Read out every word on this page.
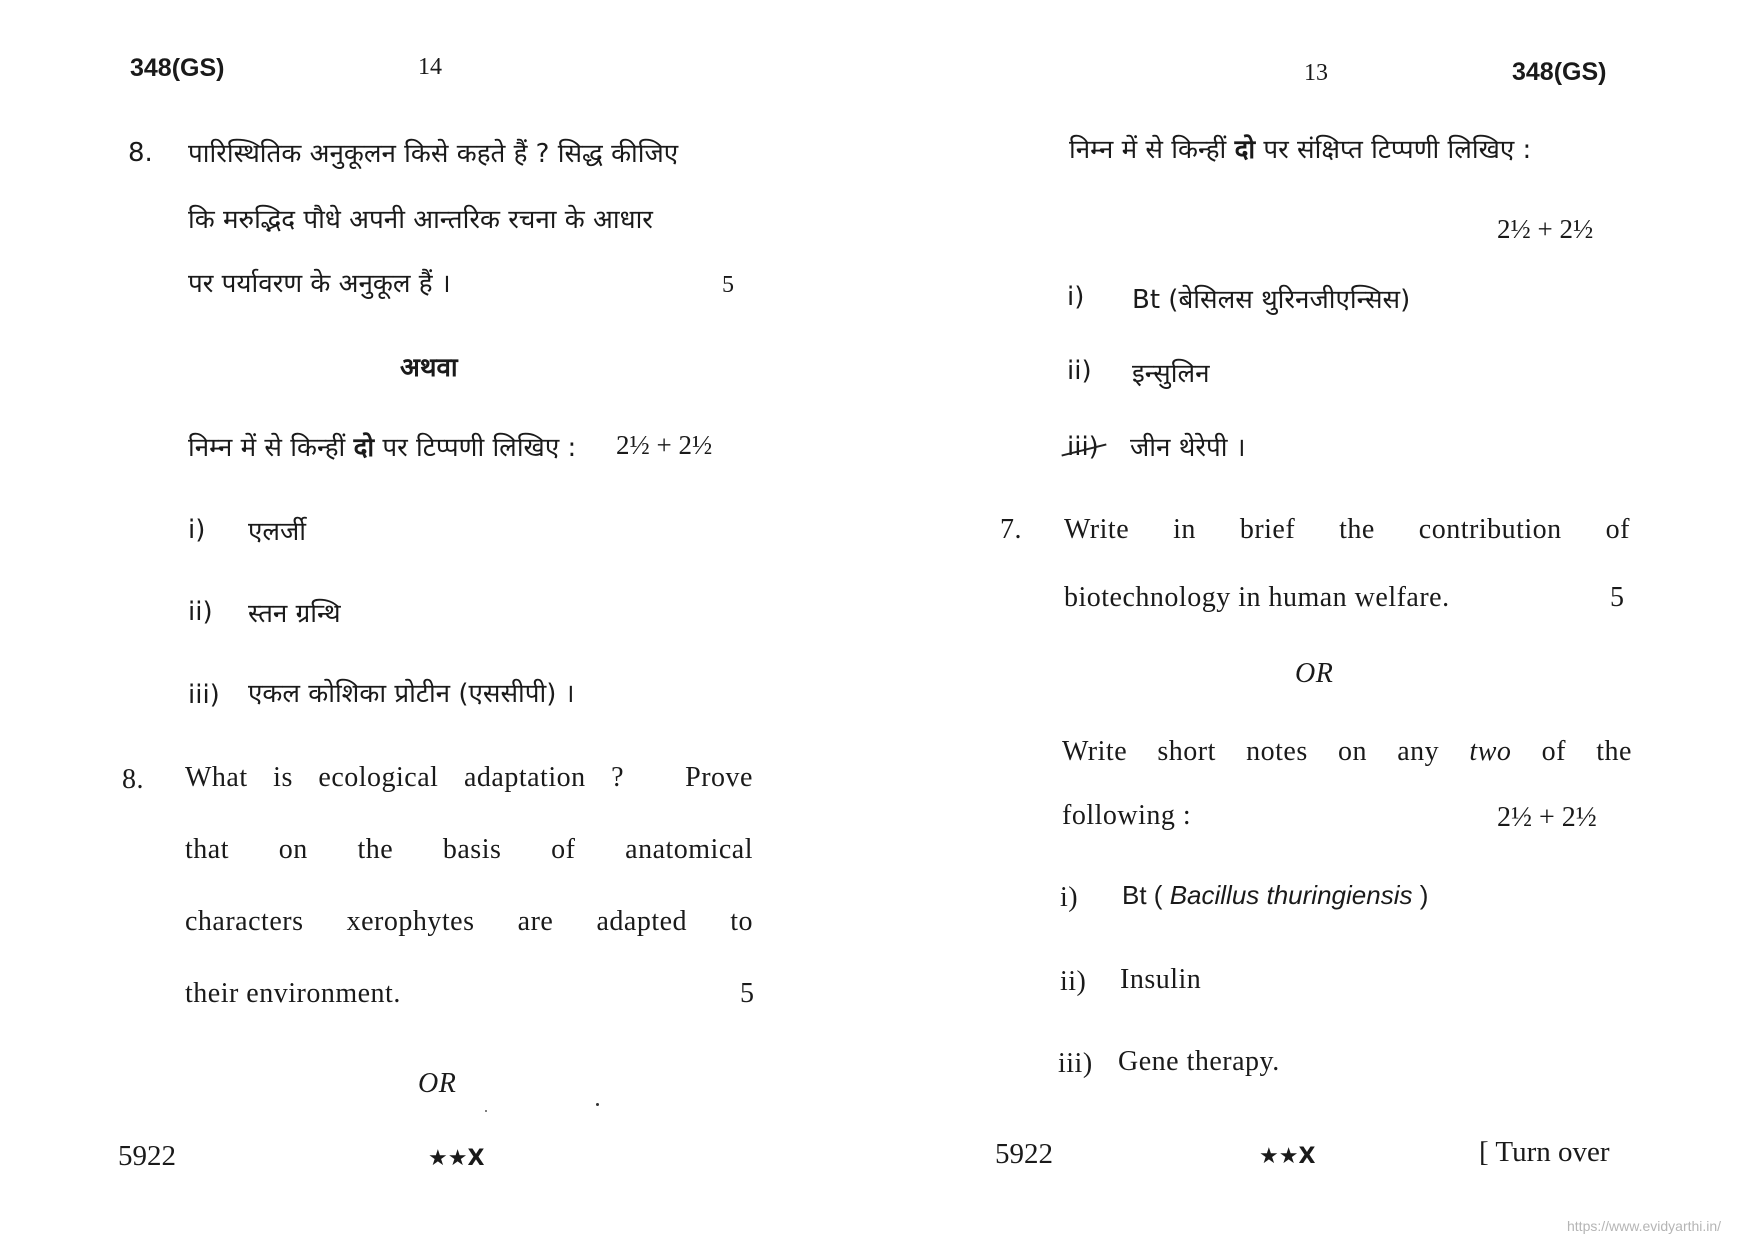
348(GS)	14
8. पारिस्थितिक अनुकूलन किसे कहते हैं ? सिद्ध कीजिए
कि मरुद्भिद पौधे अपनी आन्तरिक रचना के आधार
पर पर्यावरण के अनुकूल हैं ।	5
अथवा
निम्न में से किन्हीं दो पर टिप्पणी लिखिए : 2½ + 2½
i) एलर्जी
ii) स्तन ग्रन्थि
iii) एकल कोशिका प्रोटीन (एससीपी) ।
8. What is ecological adaptation ? Prove
that on the basis of anatomical
characters xerophytes are adapted to
their environment.	5
OR
5922	★★X
13	348(GS)
निम्न में से किन्हीं दो पर संक्षिप्त टिप्पणी लिखिए :
2½ + 2½
i) Bt (बेसिलस थुरिनजीएन्सिस)
ii) इन्सुलिन
iii) जीन थेरेपी ।
7. Write in brief the contribution of
biotechnology in human welfare.	5
OR
Write short notes on any two of the
following :	2½ + 2½
i) Bt ( Bacillus thuringiensis )
ii) Insulin
iii) Gene therapy.
5922	★★X	[ Turn over
https://www.evidyarthi.in/
